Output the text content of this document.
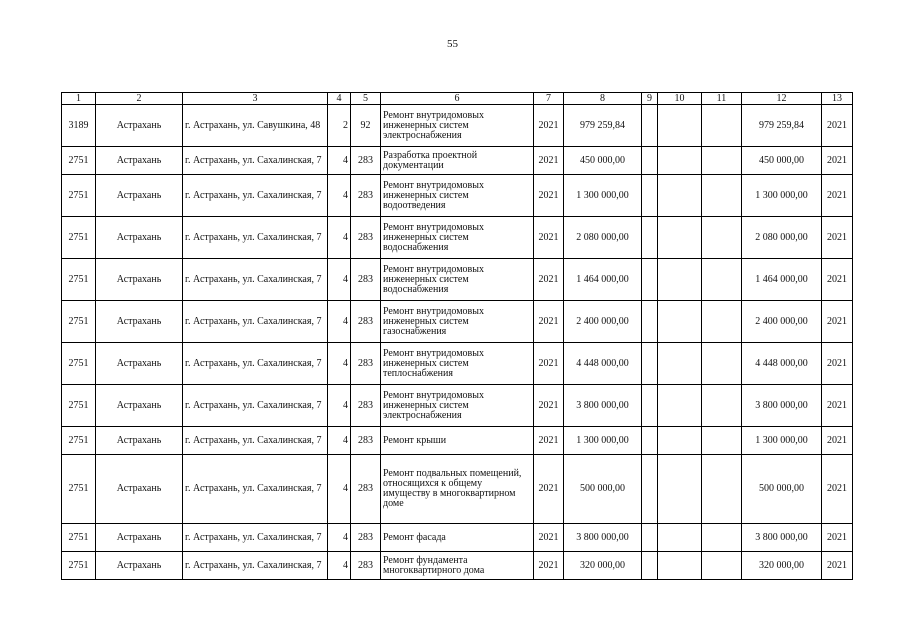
55
1	2	3	4	5	6	7	8	9	10	11	12	13
3189	Астрахань	г. Астрахань, ул. Савушкина, 48	2	92	Ремонт внутридомовых инженерных систем электроснабжения	2021	979 259,84				979 259,84	2021
2751	Астрахань	г. Астрахань, ул. Сахалинская, 7	4	283	Разработка проектной документации	2021	450 000,00				450 000,00	2021
2751	Астрахань	г. Астрахань, ул. Сахалинская, 7	4	283	Ремонт внутридомовых инженерных систем водоотведения	2021	1 300 000,00				1 300 000,00	2021
2751	Астрахань	г. Астрахань, ул. Сахалинская, 7	4	283	Ремонт внутридомовых инженерных систем водоснабжения	2021	2 080 000,00				2 080 000,00	2021
2751	Астрахань	г. Астрахань, ул. Сахалинская, 7	4	283	Ремонт внутридомовых инженерных систем водоснабжения	2021	1 464 000,00				1 464 000,00	2021
2751	Астрахань	г. Астрахань, ул. Сахалинская, 7	4	283	Ремонт внутридомовых инженерных систем газоснабжения	2021	2 400 000,00				2 400 000,00	2021
2751	Астрахань	г. Астрахань, ул. Сахалинская, 7	4	283	Ремонт внутридомовых инженерных систем теплоснабжения	2021	4 448 000,00				4 448 000,00	2021
2751	Астрахань	г. Астрахань, ул. Сахалинская, 7	4	283	Ремонт внутридомовых инженерных систем электроснабжения	2021	3 800 000,00				3 800 000,00	2021
2751	Астрахань	г. Астрахань, ул. Сахалинская, 7	4	283	Ремонт крыши	2021	1 300 000,00				1 300 000,00	2021
2751	Астрахань	г. Астрахань, ул. Сахалинская, 7	4	283	Ремонт подвальных помещений, относящихся к общему имуществу в многоквартирном доме	2021	500 000,00				500 000,00	2021
2751	Астрахань	г. Астрахань, ул. Сахалинская, 7	4	283	Ремонт фасада	2021	3 800 000,00				3 800 000,00	2021
2751	Астрахань	г. Астрахань, ул. Сахалинская, 7	4	283	Ремонт фундамента многоквартирного дома	2021	320 000,00				320 000,00	2021
